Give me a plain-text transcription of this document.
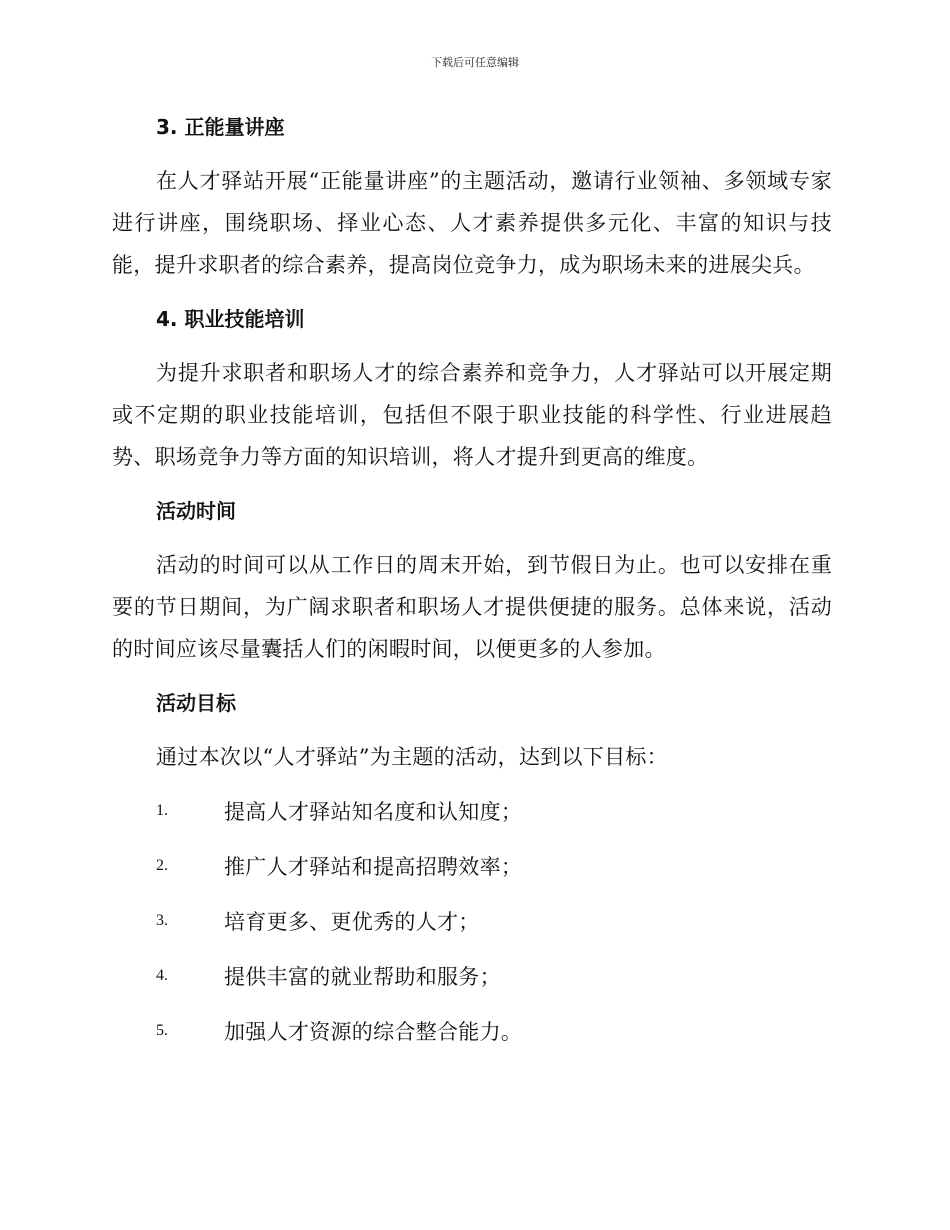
下载后可任意编辑
3. 正能量讲座

在人才驿站开展“正能量讲座”的主题活动，邀请行业领袖、多领域专家进行讲座，围绕职场、择业心态、人才素养提供多元化、丰富的知识与技能，提升求职者的综合素养，提高岗位竞争力，成为职场未来的进展尖兵。

4. 职业技能培训

为提升求职者和职场人才的综合素养和竞争力，人才驿站可以开展定期或不定期的职业技能培训，包括但不限于职业技能的科学性、行业进展趋势、职场竞争力等方面的知识培训，将人才提升到更高的维度。

活动时间

活动的时间可以从工作日的周末开始，到节假日为止。也可以安排在重要的节日期间，为广阔求职者和职场人才提供便捷的服务。总体来说，活动的时间应该尽量囊括人们的闲暇时间，以便更多的人参加。

活动目标

通过本次以“人才驿站”为主题的活动，达到以下目标：

1.	提高人才驿站知名度和认知度；
2.	推广人才驿站和提高招聘效率；
3.	培育更多、更优秀的人才；
4.	提供丰富的就业帮助和服务；
5.	加强人才资源的综合整合能力。
